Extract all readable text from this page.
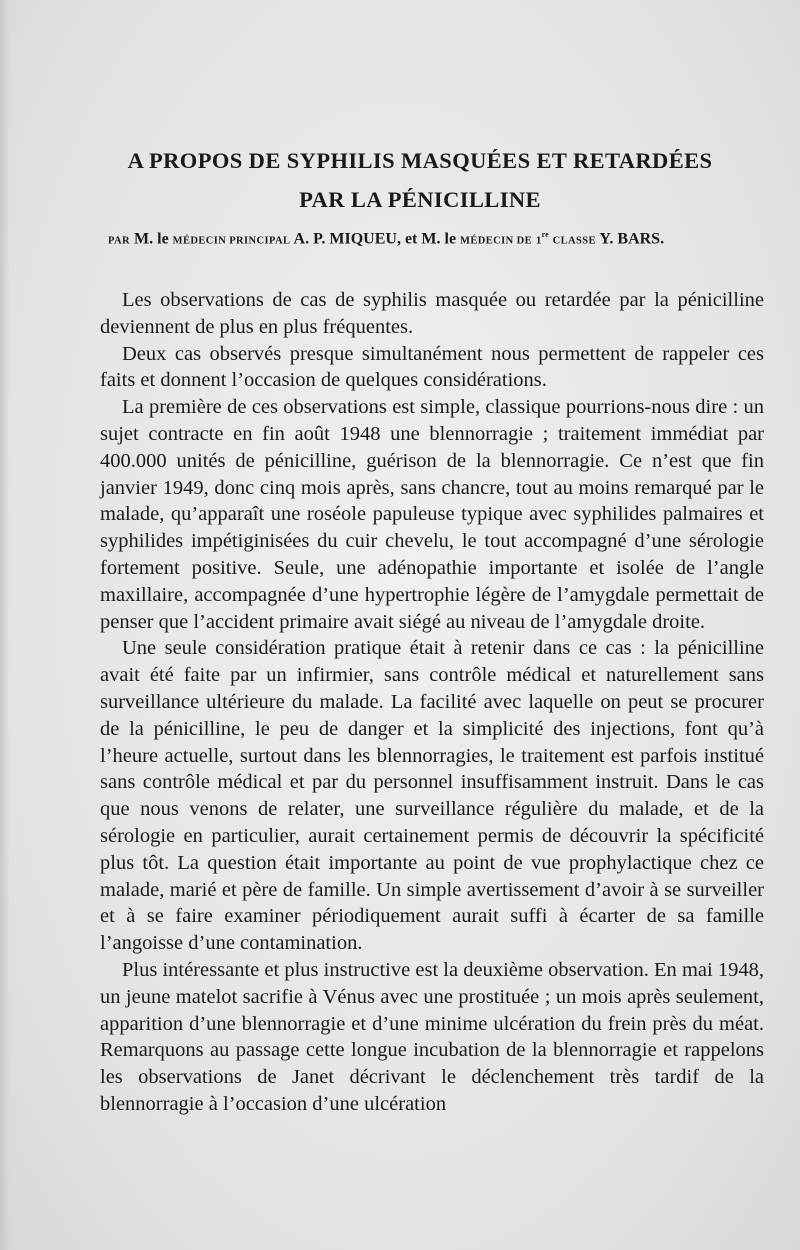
A PROPOS DE SYPHILIS MASQUÉES ET RETARDÉES
PAR LA PÉNICILLINE

PAR M. le MÉDECIN PRINCIPAL A. P. MIQUEU, et M. le MÉDECIN DE 1re CLASSE Y. BARS.

Les observations de cas de syphilis masquée ou retardée par la pénicilline deviennent de plus en plus fréquentes.

Deux cas observés presque simultanément nous permettent de rappeler ces faits et donnent l’occasion de quelques considérations.

La première de ces observations est simple, classique pourrions-nous dire : un sujet contracte en fin août 1948 une blennorragie ; traitement immédiat par 400.000 unités de pénicilline, guérison de la blennorragie. Ce n’est que fin janvier 1949, donc cinq mois après, sans chancre, tout au moins remarqué par le malade, qu’apparaît une roséole papuleuse typique avec syphilides palmaires et syphilides impétiginisées du cuir chevelu, le tout accompagné d’une sérologie fortement positive. Seule, une adénopathie importante et isolée de l’angle maxillaire, accompagnée d’une hypertrophie légère de l’amygdale permettait de penser que l’accident primaire avait siégé au niveau de l’amygdale droite.

Une seule considération pratique était à retenir dans ce cas : la pénicilline avait été faite par un infirmier, sans contrôle médical et naturellement sans surveillance ultérieure du malade. La facilité avec laquelle on peut se procurer de la pénicilline, le peu de danger et la simplicité des injections, font qu’à l’heure actuelle, surtout dans les blennorragies, le traitement est parfois institué sans contrôle médical et par du personnel insuffisamment instruit. Dans le cas que nous venons de relater, une surveillance régulière du malade, et de la sérologie en particulier, aurait certainement permis de découvrir la spécificité plus tôt. La question était importante au point de vue prophylactique chez ce malade, marié et père de famille. Un simple avertissement d’avoir à se surveiller et à se faire examiner périodiquement aurait suffi à écarter de sa famille l’angoisse d’une contamination.

Plus intéressante et plus instructive est la deuxième observation. En mai 1948, un jeune matelot sacrifie à Vénus avec une prostituée ; un mois après seulement, apparition d’une blennorragie et d’une minime ulcération du frein près du méat. Remarquons au passage cette longue incubation de la blennorragie et rappelons les observations de Janet décrivant le déclenchement très tardif de la blennorragie à l’occasion d’une ulcération
